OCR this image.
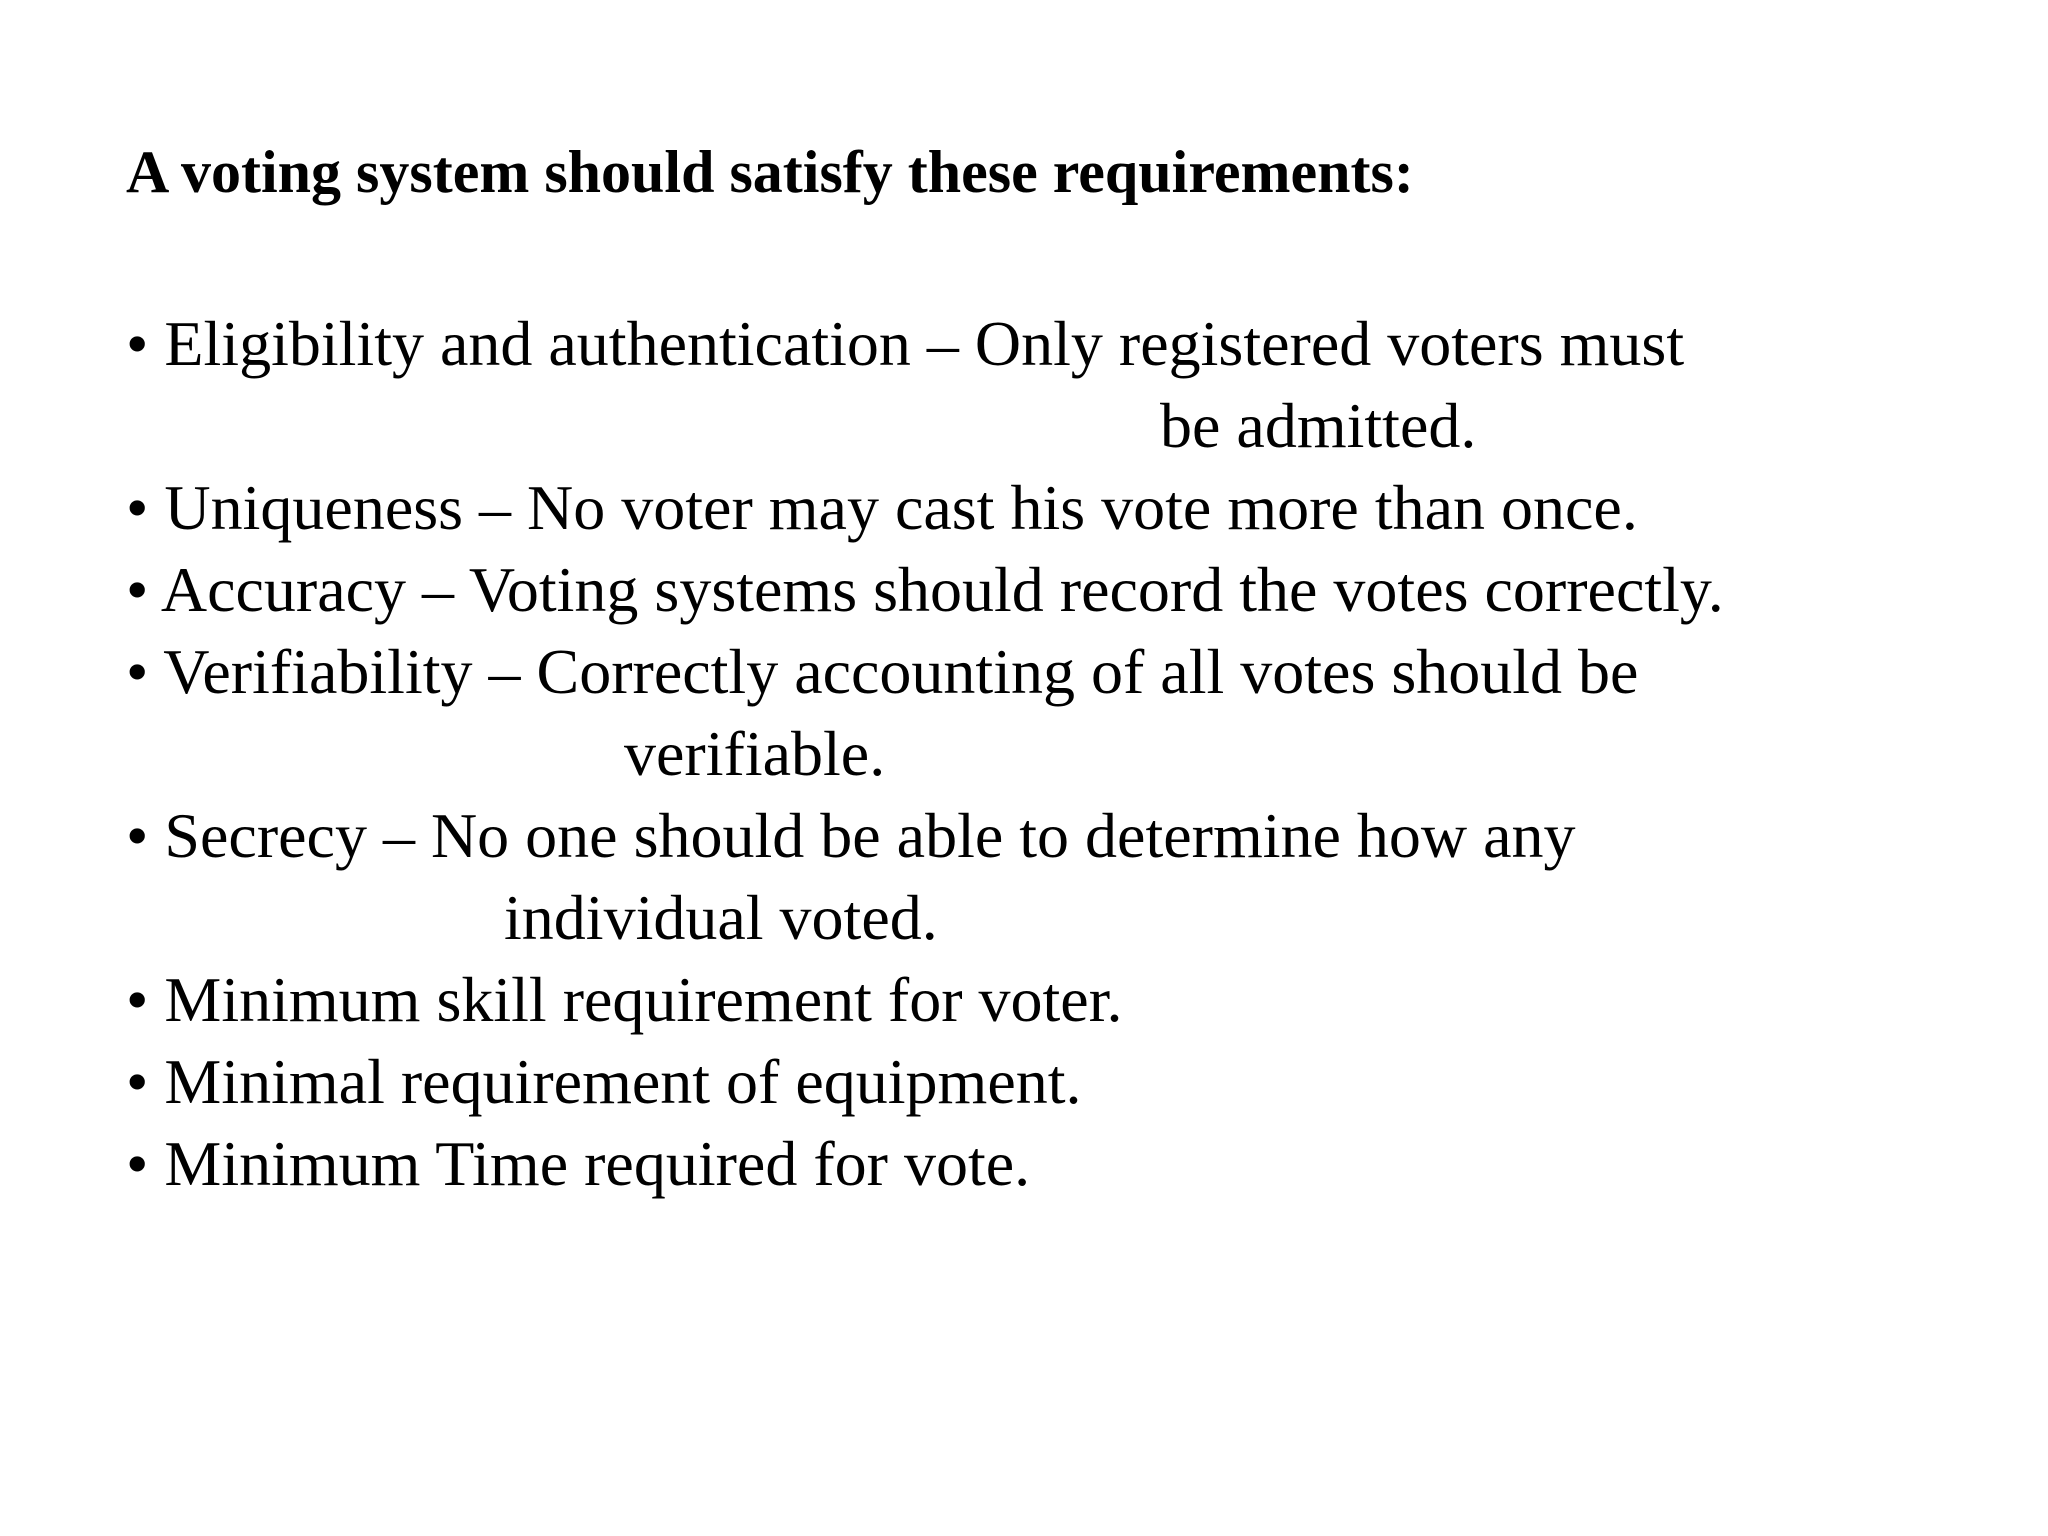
A voting system should satisfy these requirements:

• Eligibility and authentication – Only registered voters must

be admitted.

• Uniqueness – No voter may cast his vote more than once.

• Accuracy – Voting systems should record the votes correctly.

• Verifiability – Correctly accounting of all votes should be

verifiable.

• Secrecy – No one should be able to determine how any

individual voted.

• Minimum skill requirement for voter.

• Minimal requirement of equipment.

• Minimum Time required for vote.
